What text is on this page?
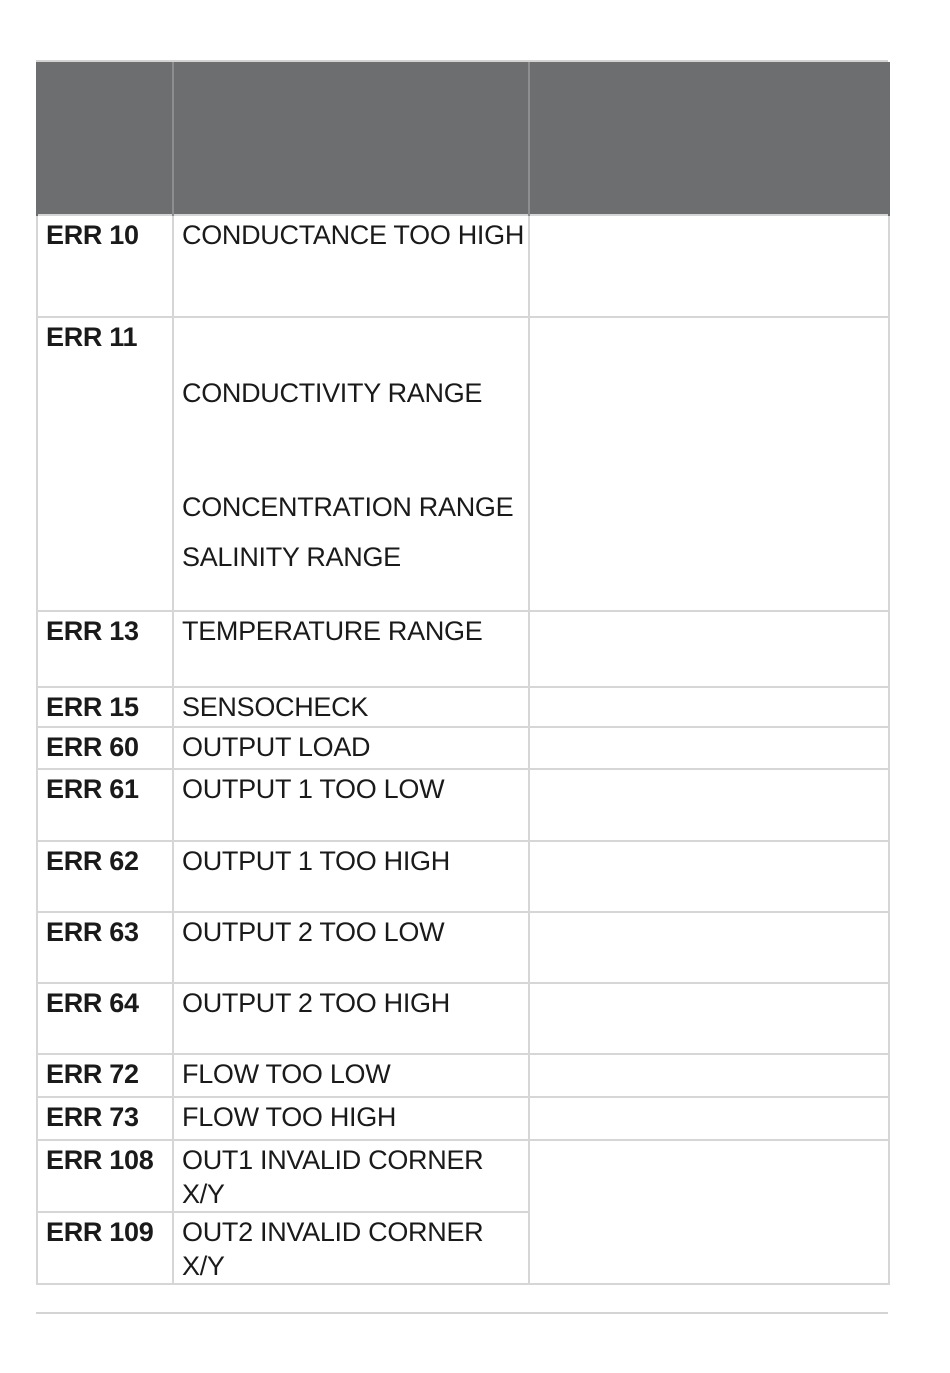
ERR 10	CONDUCTANCE TOO HIGH	

ERR 11	CONDUCTIVITY RANGE
CONCENTRATION RANGE
SALINITY RANGE	

ERR 13	TEMPERATURE RANGE	

ERR 15	SENSOCHECK	

ERR 60	OUTPUT LOAD	

ERR 61	OUTPUT 1 TOO LOW	

ERR 62	OUTPUT 1 TOO HIGH	

ERR 63	OUTPUT 2 TOO LOW	

ERR 64	OUTPUT 2 TOO HIGH	

ERR 72	FLOW TOO LOW	

ERR 73	FLOW TOO HIGH	

ERR 108	OUT1 INVALID CORNER X/Y	

ERR 109	OUT2 INVALID CORNER X/Y	
